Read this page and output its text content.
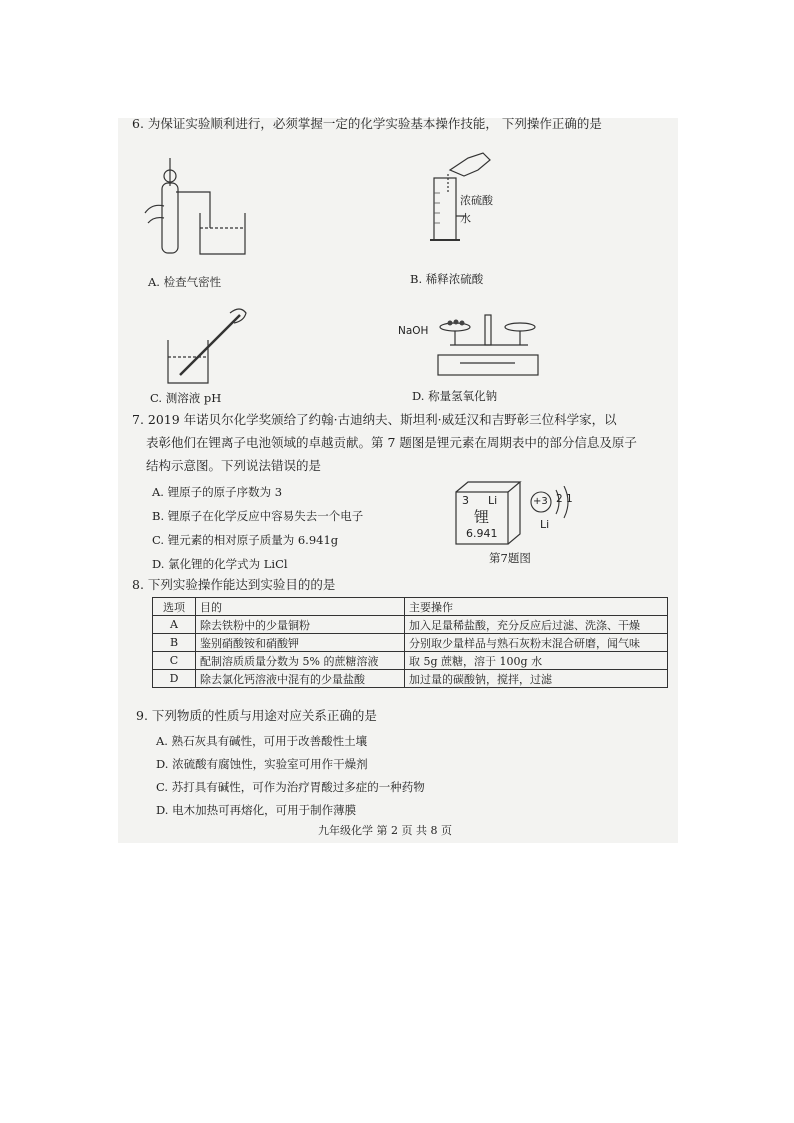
6. 为保证实验顺利进行，必须掌握一定的化学实验基本操作技能， 下列操作正确的是
A. 检查气密性
浓硫酸
水
B. 稀释浓硫酸
C. 测溶液 pH
NaOH
D. 称量氢氧化钠
7. 2019 年诺贝尔化学奖颁给了约翰·古迪纳夫、斯坦利·威廷汉和吉野彰三位科学家，以
表彰他们在锂离子电池领域的卓越贡献。第 7 题图是锂元素在周期表中的部分信息及原子
结构示意图。下列说法错误的是
A. 锂原子的原子序数为 3
B. 锂原子在化学反应中容易失去一个电子
C. 锂元素的相对原子质量为 6.941g
D. 氯化锂的化学式为 LiCl
3 Li
锂
6.941
+3 2 1
Li
第7题图
8. 下列实验操作能达到实验目的的是
选项	目的	主要操作
A	除去铁粉中的少量铜粉	加入足量稀盐酸，充分反应后过滤、洗涤、干燥
B	鉴别硝酸铵和硝酸钾	分别取少量样品与熟石灰粉末混合研磨，闻气味
C	配制溶质质量分数为 5% 的蔗糖溶液	取 5g 蔗糖，溶于 100g 水
D	除去氯化钙溶液中混有的少量盐酸	加过量的碳酸钠，搅拌，过滤
9. 下列物质的性质与用途对应关系正确的是
A. 熟石灰具有碱性，可用于改善酸性土壤
D. 浓硫酸有腐蚀性，实验室可用作干燥剂
C. 苏打具有碱性，可作为治疗胃酸过多症的一种药物
D. 电木加热可再熔化，可用于制作薄膜
九年级化学 第 2 页 共 8 页
